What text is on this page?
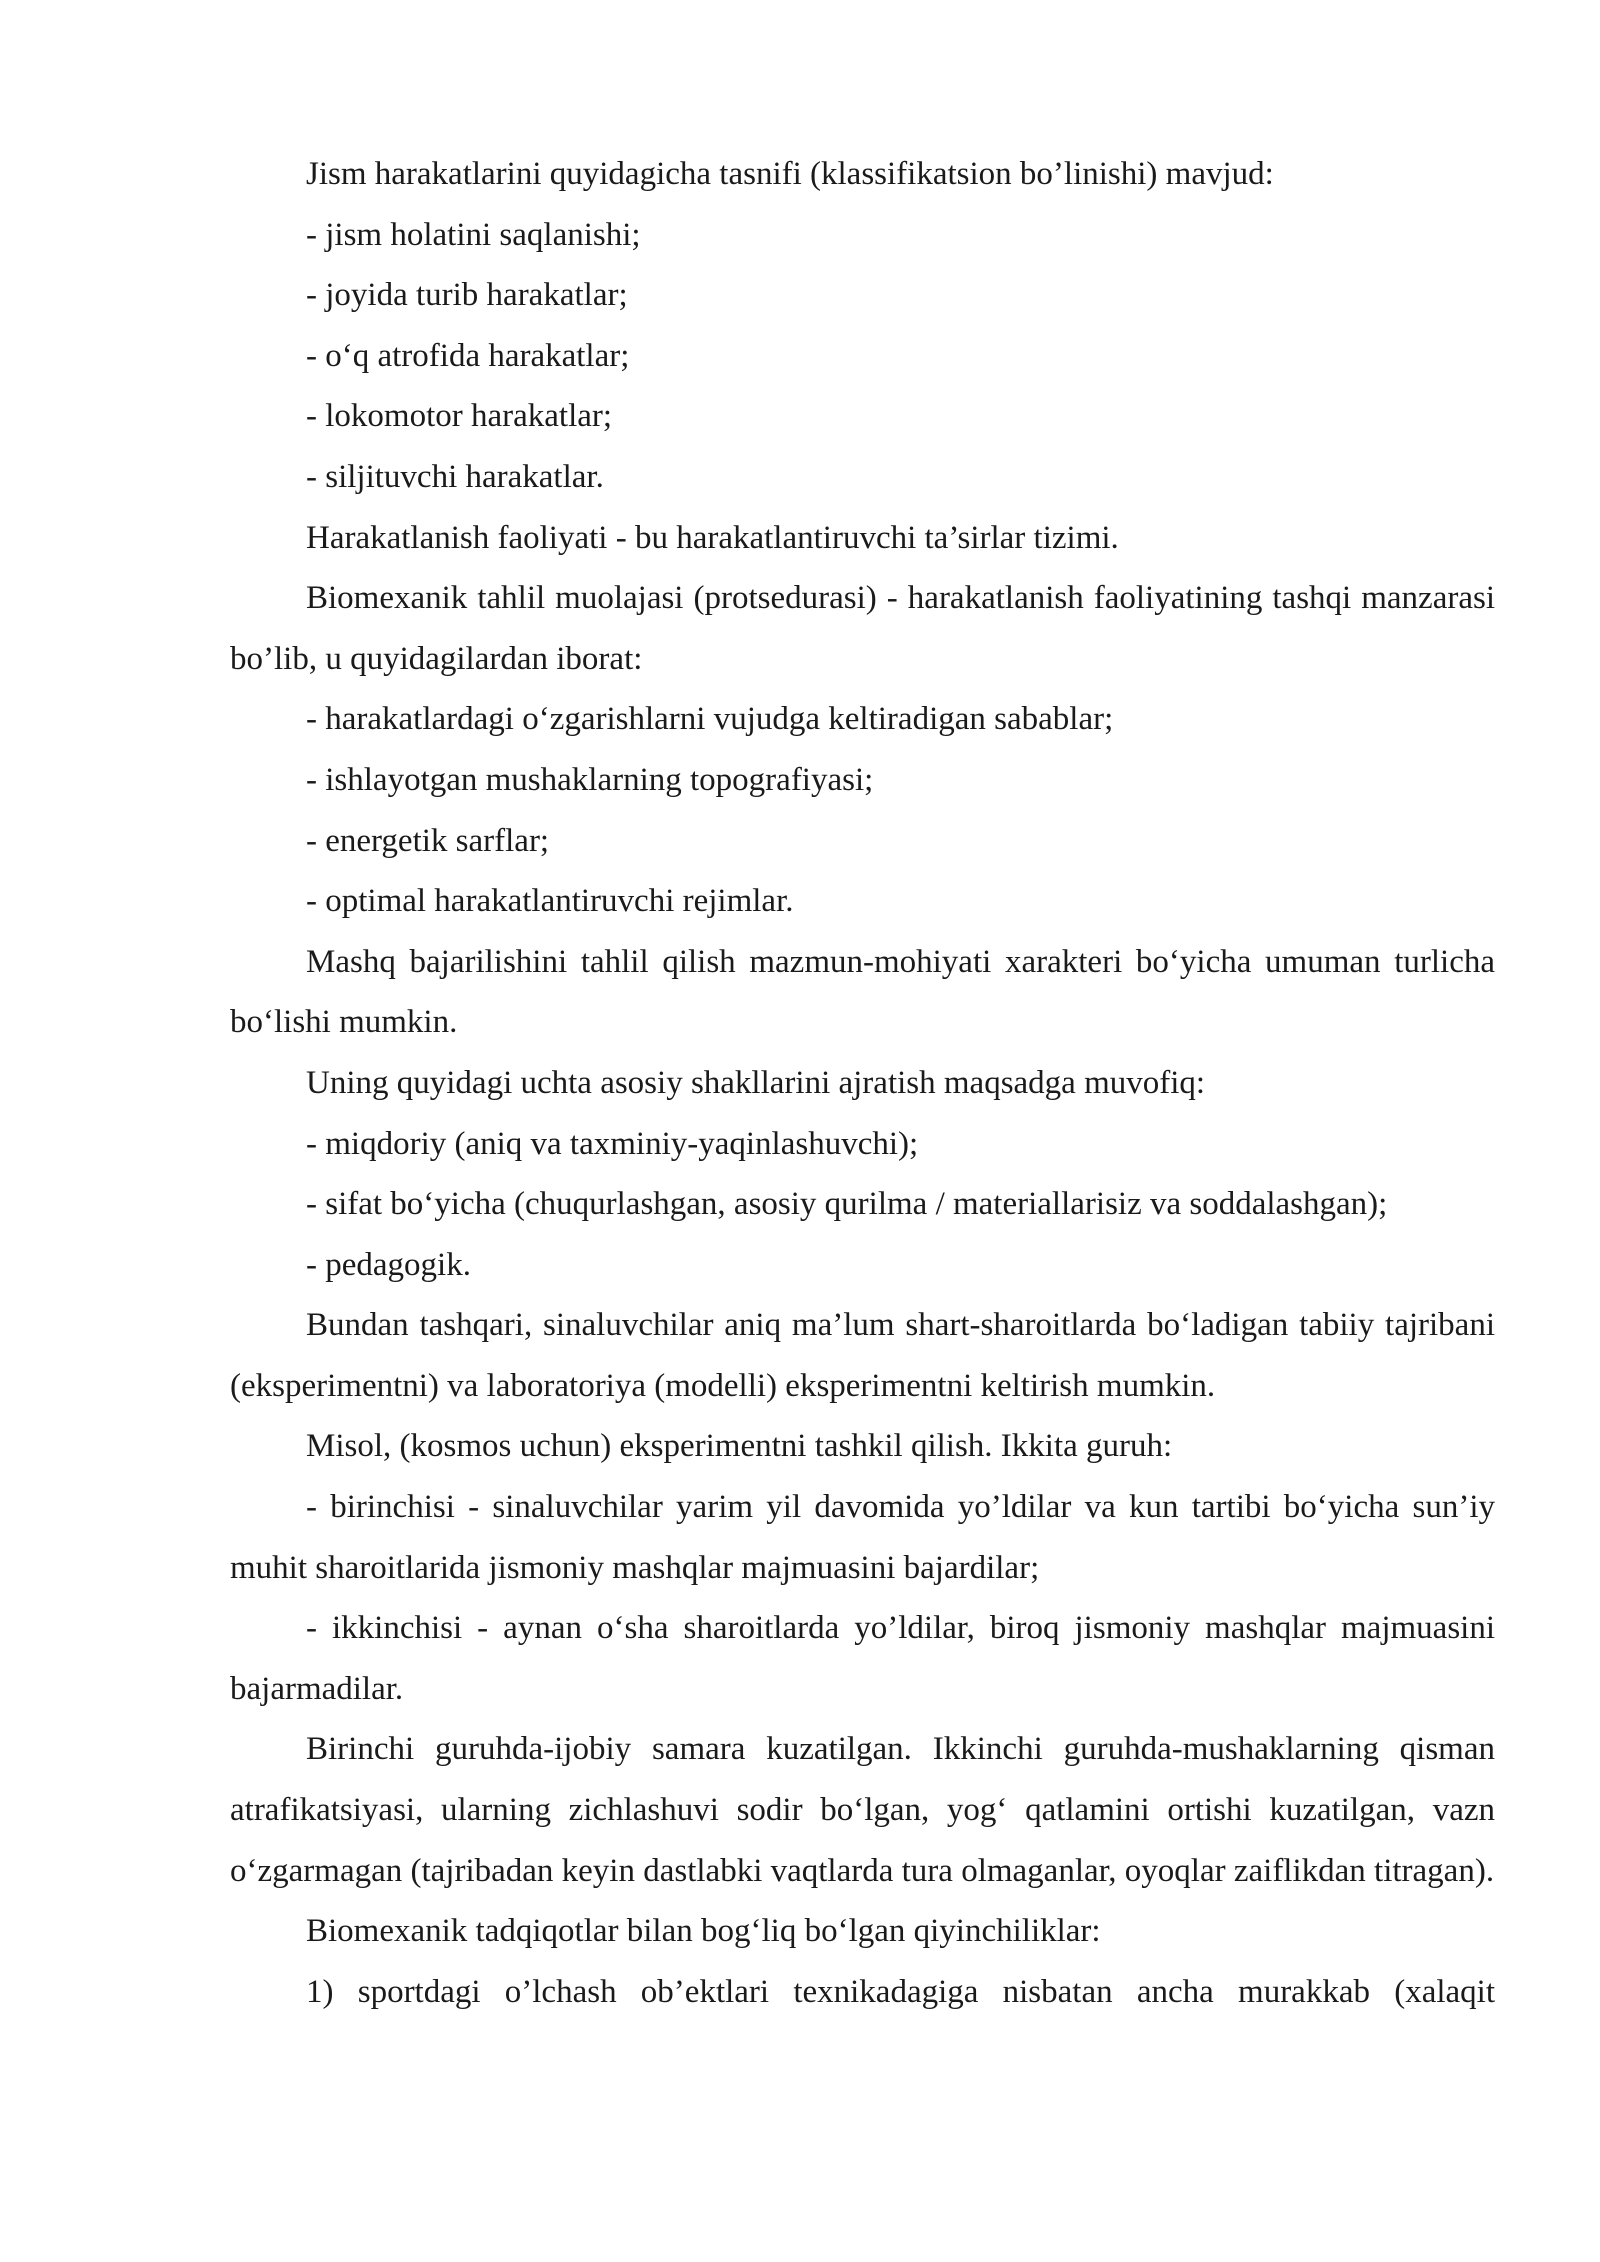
Jism harakatlarini quyidagicha tasnifi (klassifikatsion bo’linishi) mavjud:

- jism holatini saqlanishi;

- joyida turib harakatlar;

- o‘q atrofida harakatlar;

- lokomotor harakatlar;

- siljituvchi harakatlar.

Harakatlanish faoliyati - bu harakatlantiruvchi ta’sirlar tizimi.

Biomexanik tahlil muolajasi (protsedurasi) - harakatlanish faoliyatining tashqi manzarasi bo’lib, u quyidagilardan iborat:

- harakatlardagi o‘zgarishlarni vujudga keltiradigan sabablar;

- ishlayotgan mushaklarning topografiyasi;

- energetik sarflar;

- optimal harakatlantiruvchi rejimlar.

Mashq bajarilishini tahlil qilish mazmun-mohiyati xarakteri bo‘yicha umuman turlicha bo‘lishi mumkin.

Uning quyidagi uchta asosiy shakllarini ajratish maqsadga muvofiq:

- miqdoriy (aniq va taxminiy-yaqinlashuvchi);

- sifat bo‘yicha (chuqurlashgan, asosiy qurilma / materiallarisiz va soddalashgan);

- pedagogik.

Bundan tashqari, sinaluvchilar aniq ma’lum shart-sharoitlarda bo‘ladigan tabiiy tajribani (eksperimentni) va laboratoriya (modelli) eksperimentni keltirish mumkin.

Misol, (kosmos uchun) eksperimentni tashkil qilish. Ikkita guruh:

- birinchisi - sinaluvchilar yarim yil davomida yo’ldilar va kun tartibi bo‘yicha sun’iy muhit sharoitlarida jismoniy mashqlar majmuasini bajardilar;

- ikkinchisi - aynan o‘sha sharoitlarda yo’ldilar, biroq jismoniy mashqlar majmuasini bajarmadilar.

Birinchi guruhda-ijobiy samara kuzatilgan. Ikkinchi guruhda-mushaklarning qisman atrafikatsiyasi, ularning zichlashuvi sodir bo‘lgan, yog‘ qatlamini ortishi kuzatilgan, vazn o‘zgarmagan (tajribadan keyin dastlabki vaqtlarda tura olmaganlar, oyoqlar zaiflikdan titragan).

Biomexanik tadqiqotlar bilan bog‘liq bo‘lgan qiyinchiliklar:

1) sportdagi o’lchash ob’ektlari texnikadagiga nisbatan ancha murakkab (xalaqit
